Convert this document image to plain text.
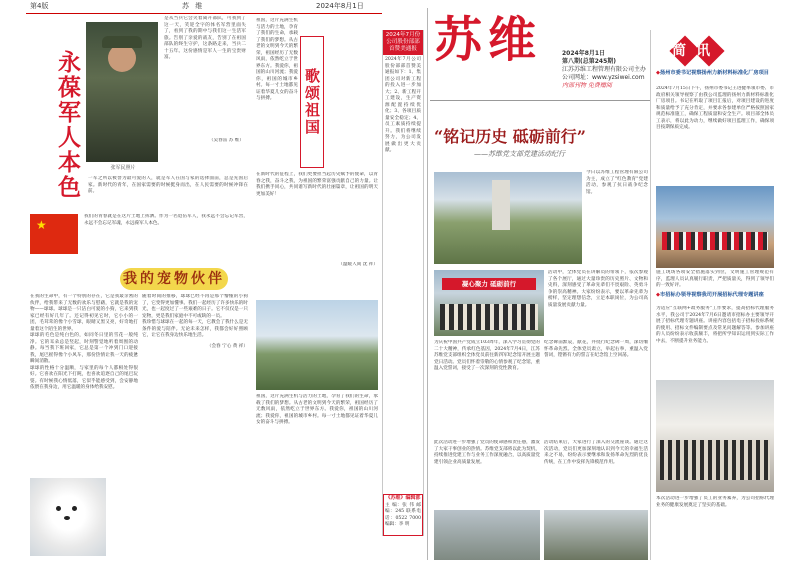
第4版	苏 维	2024年8月1日
永葆军人本色	张军民照片
是从当兵它会笑着离开部队，可我到了这一天，笑迎全字的体名军营里面失了，看到了我的期中与我们这一生活军旅。告别了亲爱的战友，告别了在祖国部队的终生守护，这条路走来，当兵二十五年。这份感情是军人一生的宝贵财富。
（吴春雷 苏 维）
一军之所以被誉为最可爱的人，就是军人在国与家的选择面前，总是先国后家。新时代的青年，在国家需要的时候挺身而出，在人民需要的时候冲锋在前。
★
我们的青春就是在这片土地上挥洒。作为一名退伍军人，我永远不会忘记军营，永远不会忘记军魂，永远葆军人本色。
我的宠物伙伴

在我的生命中，有一个特别的存在，它是我最亲密的伙伴，给我带来了无数的欢乐与慰藉，它就是我的宠物——球球。球球是一只洁白可爱的小狗，它来到我家已经有好几年了。还记得初见它时，它小小的一团，毛茸茸的像个小雪球，眼睛又黑又亮，好奇地打量着这个陌生的世界。

球球的毛色是纯白色的，如同冬日里的雪花一般纯净。它的耳朵总是竖起，时刻警觉地听着周围的动静。每当我下班回家，它总是第一个冲到门口迎接我，尾巴摇得像个小风车，那份热情让我一天的疲惫瞬间消散。

球球的性格十分温顺，与家里的每个人都相处得很好。它喜欢在阳光下打盹，也喜欢追逐自己的尾巴玩耍。有时候我心情低落，它似乎能感受到，会安静地依偎在我身边，用它温暖的身体给我安慰。

随着时间的推移，球球已经不再是那个懵懂的小狗了，它变得更加懂事。我们一起经历了许多快乐的时光，也一起度过了一些艰难的日子。它不仅仅是一只宠物，更是我们家庭中不可或缺的一员。

我珍惜与球球在一起的每一天，它教会了我什么是无条件的爱与陪伴。无论未来怎样，我都会好好照顾它，让它在我身边快乐地生活。

（会春 宁心 黄 祥）

歌颂祖国
祖国，这片充满生机与活力的土地，孕育了我们的生命，承载了我们的梦想。从古老的文明到今天的繁荣，祖国经历了无数风雨，依然屹立于世界东方。我爱你，祖国的山川河流；我爱你，祖国的城市乡村。每一寸土地都见证着华夏儿女的奋斗与拼搏。
在新时代的征程上，我们更要担当起历史赋予的使命，以青春之我，奋斗之我，为祖国的繁荣富强贡献自己的力量。让我们携手同心，共同谱写新时代的壮丽篇章，让祖国的明天更加美好！
（温暖人间 沈 祥）
祖国，这片充满生机与活力的土地，孕育了我们的生命，承载了我们的梦想。从古老的文明到今天的繁荣，祖国经历了无数风雨，依然屹立于世界东方。我爱你，祖国的山川河流；我爱你，祖国的城市乡村。每一寸土地都见证着华夏儿女的奋斗与拼搏。
2024年7月份公司股份部部首赞美通报
2024年7月公司股份部部首赞美通报如下：1、集团公司对新工程的投入进一步加大；2、新工程开工建设，生产资源配置持续优化；3、各项目质量安全稳定；4、员工素质持续提升。我们将继续努力，为公司发展做出更大贡献。
《苏维》编辑部
主 编：张 伟 邮编：245 联系电话：0522 7000 编辑：李 明
苏维	2024年8月1日
第八期(总第245期)
江苏苏维工程管理有限公司主办
公司网址：www.yzsiwei.com
内部刊物 免费赠阅
“铭记历史 砥砺前行”
——苏维党支部党建活动纪行
今日以苏维工程管理有限公司为主，成立了"红色教育"党建活动，参观了抗日战争纪念馆。
凝心聚力 砥砺前行
活动中，全体党员在讲解员的带领下，依次参观了各个展厅，通过大量珍贵的历史照片、文物和史料，深刻感受了革命先辈们不畏艰险、英勇斗争的崇高精神。大家纷纷表示，要以革命先辈为榜样，坚定理想信念，立足本职岗位，为公司高质量发展贡献力量。
为庆祝中国共产党成立103周年，深入学习贯彻党的二十大精神，传承红色基因，2024年7月4日，江苏苏维党支部组织全体党员前往新四军纪念馆开展主题党日活动。党员们怀着崇敬的心情参观了纪念馆，重温入党誓词，接受了一次深刻的党性教育。
纪念碑前默哀，献花，并绕行纪念碑一周，深切缅怀革命先烈。全体党员肃立，举起右拳，重温入党誓词，铿锵有力的誓言在纪念馆上空回荡。
此次活动进一步增强了党员的使命感和责任感，激发了大家干事创业的热情。苏维党支部将以此为契机，持续推进党建工作与业务工作深度融合，以高质量党建引领企业高质量发展。
活动结束后，大家进行了深入的交流座谈。通过这次活动，党员们更加深刻地认识到今天的幸福生活来之不易，纷纷表示要继承和发扬革命先烈的优良传统，在工作中发挥先锋模范作用。
简讯
◆扬州市委书记视察扬州力新材料标准化厂房项目
2024年7月15日下午，扬州市委书记王进健率领市委、市政府相关领导视察了由我公司监理的扬州力新材料标准化厂房项目。书记在听取了项目汇报后，对项目建设的进度和质量给予了充分肯定，并要求各参建单位严格按照国家规范标准施工，确保工程质量和安全生产。项目部全体员工表示，将以此为动力，继续做好项目监理工作，确保项目按期保质完成。
施工现场各项安全措施落实到位，文明施工管理规范有序，监理人员认真履行职责，严把质量关，得到了领导们的一致好评。
◆市招标办领导视察我司开展招标代理专题讲座
为适应"互联网+政务服务"工作要求，提高招标代理服务水平，我公司于2024年7月6日邀请市招标办主要领导开展了招标代理专题讲座。讲座内容包括电子招标投标系统的使用、招标文件编制要点及常见问题解答等。参加讲座的人员纷纷表示收获颇丰，将把所学知识运用到实际工作中去，不断提升业务能力。
本次活动进一步增强了员工的业务素养，为公司招标代理业务的健康发展奠定了坚实的基础。
